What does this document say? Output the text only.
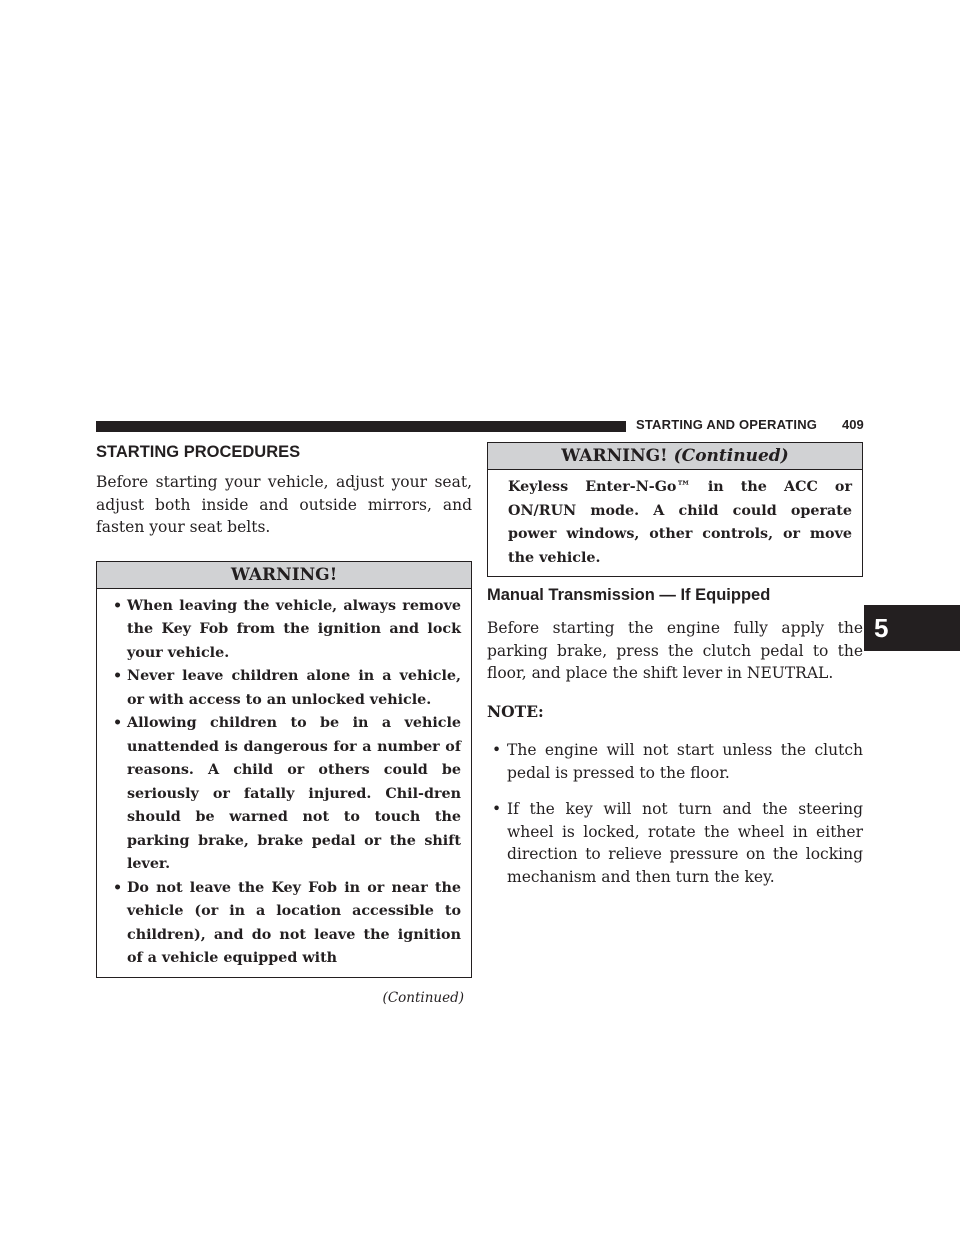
STARTING AND OPERATING 409
STARTING PROCEDURES

Before starting your vehicle, adjust your seat, adjust both inside and outside mirrors, and fasten your seat belts.

WARNING!
• When leaving the vehicle, always remove the Key Fob from the ignition and lock your vehicle.
• Never leave children alone in a vehicle, or with access to an unlocked vehicle.
• Allowing children to be in a vehicle unattended is dangerous for a number of reasons. A child or others could be seriously or fatally injured. Chil-dren should be warned not to touch the parking brake, brake pedal or the shift lever.
• Do not leave the Key Fob in or near the vehicle (or in a location accessible to children), and do not leave the ignition of a vehicle equipped with
(Continued)
WARNING! (Continued)
Keyless Enter-N-Go™ in the ACC or ON/RUN mode. A child could operate power windows, other controls, or move the vehicle.
Manual Transmission — If Equipped

Before starting the engine fully apply the parking brake, press the clutch pedal to the floor, and place the shift lever in NEUTRAL.

NOTE:

• The engine will not start unless the clutch pedal is pressed to the floor.
• If the key will not turn and the steering wheel is locked, rotate the wheel in either direction to relieve pressure on the locking mechanism and then turn the key.
5
